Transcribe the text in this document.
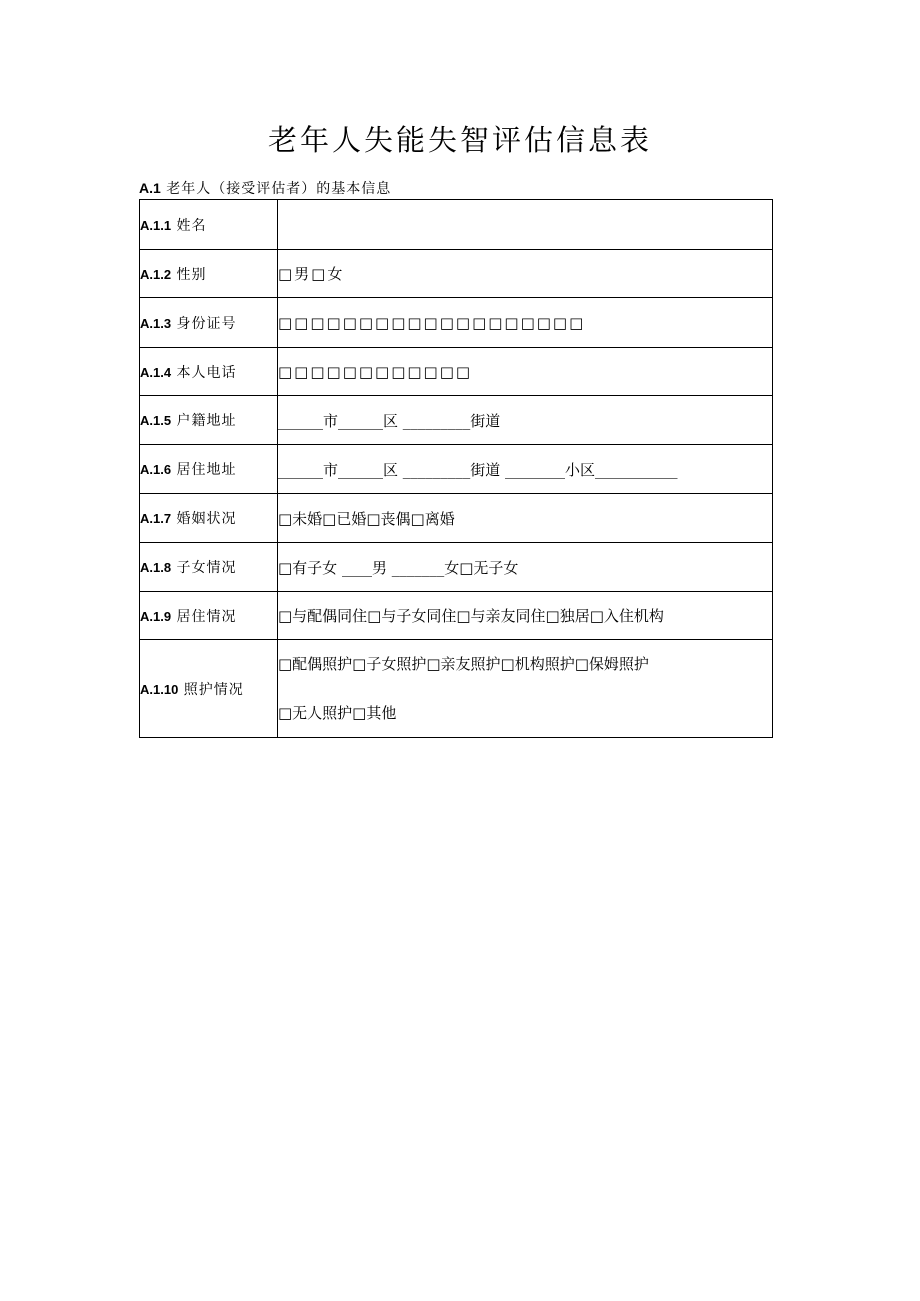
老年人失能失智评估信息表
A.1 老年人（接受评估者）的基本信息
A.1.1 姓名	
A.1.2 性别	□男□女
A.1.3 身份证号	□□□□□□□□□□□□□□□□□□□
A.1.4 本人电话	□□□□□□□□□□□□
A.1.5 户籍地址	______市______区 _________街道
A.1.6 居住地址	______市______区 _________街道 ________小区___________
A.1.7 婚姻状况	□未婚□已婚□丧偶□离婚
A.1.8 子女情况	□有子女 ____男 _______女□无子女
A.1.9 居住情况	□与配偶同住□与子女同住□与亲友同住□独居□入住机构
A.1.10 照护情况	□配偶照护□子女照护□亲友照护□机构照护□保姆照护
□无人照护□其他
